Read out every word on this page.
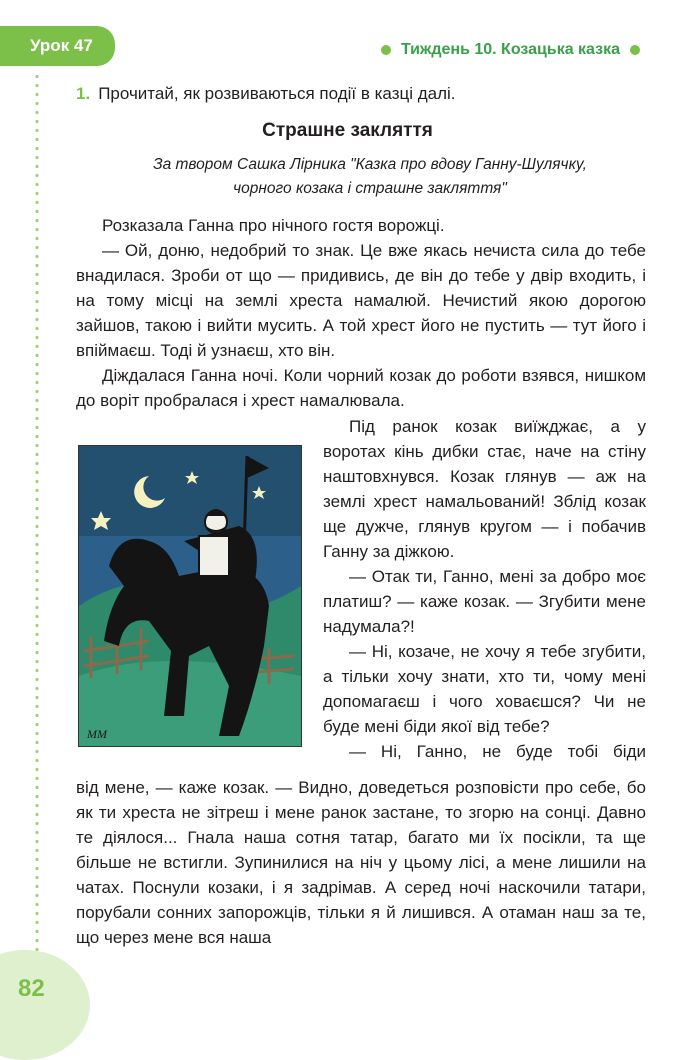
Урок 47	Тиждень 10. Козацька казка
1. Прочитай, як розвиваються події в казці далі.
Страшне закляття
За твором Сашка Лірника "Казка про вдову Ганну-Шулячку,
чорного козака і страшне закляття"

Розказала Ганна про нічного гостя ворожці.

— Ой, доню, недобрий то знак. Це вже якась нечиста сила до тебе внадилася. Зроби от що — придивись, де він до тебе у двір входить, і на тому місці на землі хреста намалюй. Нечистий якою дорогою зайшов, такою і вийти мусить. А той хрест його не пустить — тут його і впіймаєш. Тоді й узнаєш, хто він.

Діждалася Ганна ночі. Коли чорний козак до роботи взявся, нишком до воріт пробралася і хрест намалювала.

ММ

Під ранок козак виїжджає, а у воротах кінь дибки стає, наче на стіну наштовхнувся. Козак глянув — аж на землі хрест намальований! Зблід козак ще дужче, глянув кругом — і побачив Ганну за діжкою.

— Отак ти, Ганно, мені за добро моє платиш? — каже козак. — Згубити мене надумала?!

— Ні, козаче, не хочу я тебе згубити, а тільки хочу знати, хто ти, чому мені допомагаєш і чого ховаєшся? Чи не буде мені біди якої від тебе?

— Ні, Ганно, не буде тобі біди

від мене, — каже козак. — Видно, доведеться розповісти про себе, бо як ти хреста не зітреш і мене ранок застане, то згорю на сонці. Давно те діялося... Гнала наша сотня татар, багато ми їх посікли, та ще більше не встигли. Зупинилися на ніч у цьому лісі, а мене лишили на чатах. Поснули козаки, і я задрімав. А серед ночі наскочили татари, порубали сонних запорожців, тільки я й лишився. А отаман наш за те, що через мене вся наша

82
